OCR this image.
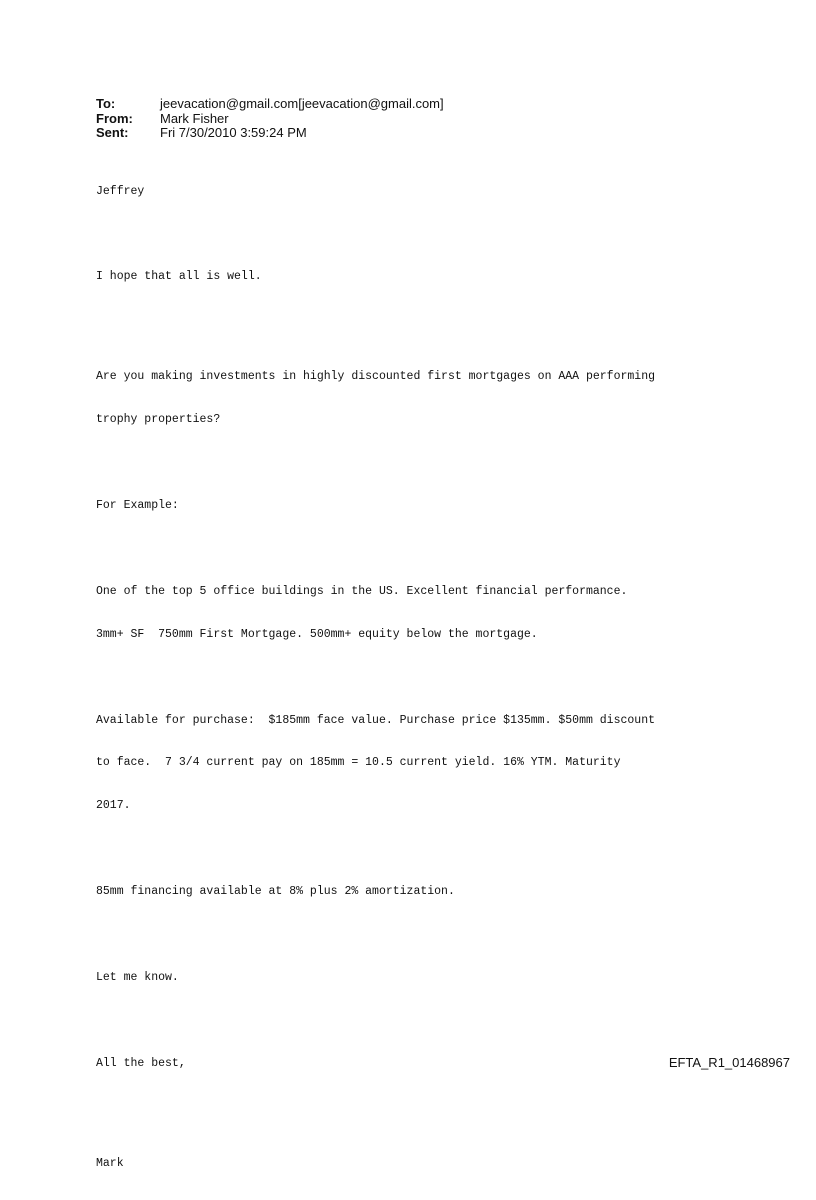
To:	jeevacation@gmail.com[jeevacation@gmail.com]
From:	Mark Fisher
Sent:	Fri 7/30/2010 3:59:24 PM

Jeffrey

I hope that all is well.

Are you making investments in highly discounted first mortgages on AAA performing

trophy properties?

For Example:

One of the top 5 office buildings in the US. Excellent financial performance.

3mm+ SF  750mm First Mortgage. 500mm+ equity below the mortgage.

Available for purchase:  $185mm face value. Purchase price $135mm. $50mm discount

to face.  7 3/4 current pay on 185mm = 10.5 current yield. 16% YTM. Maturity

2017.

85mm financing available at 8% plus 2% amortization.

Let me know.

All the best,

Mark

EFTA_R1_01468967
